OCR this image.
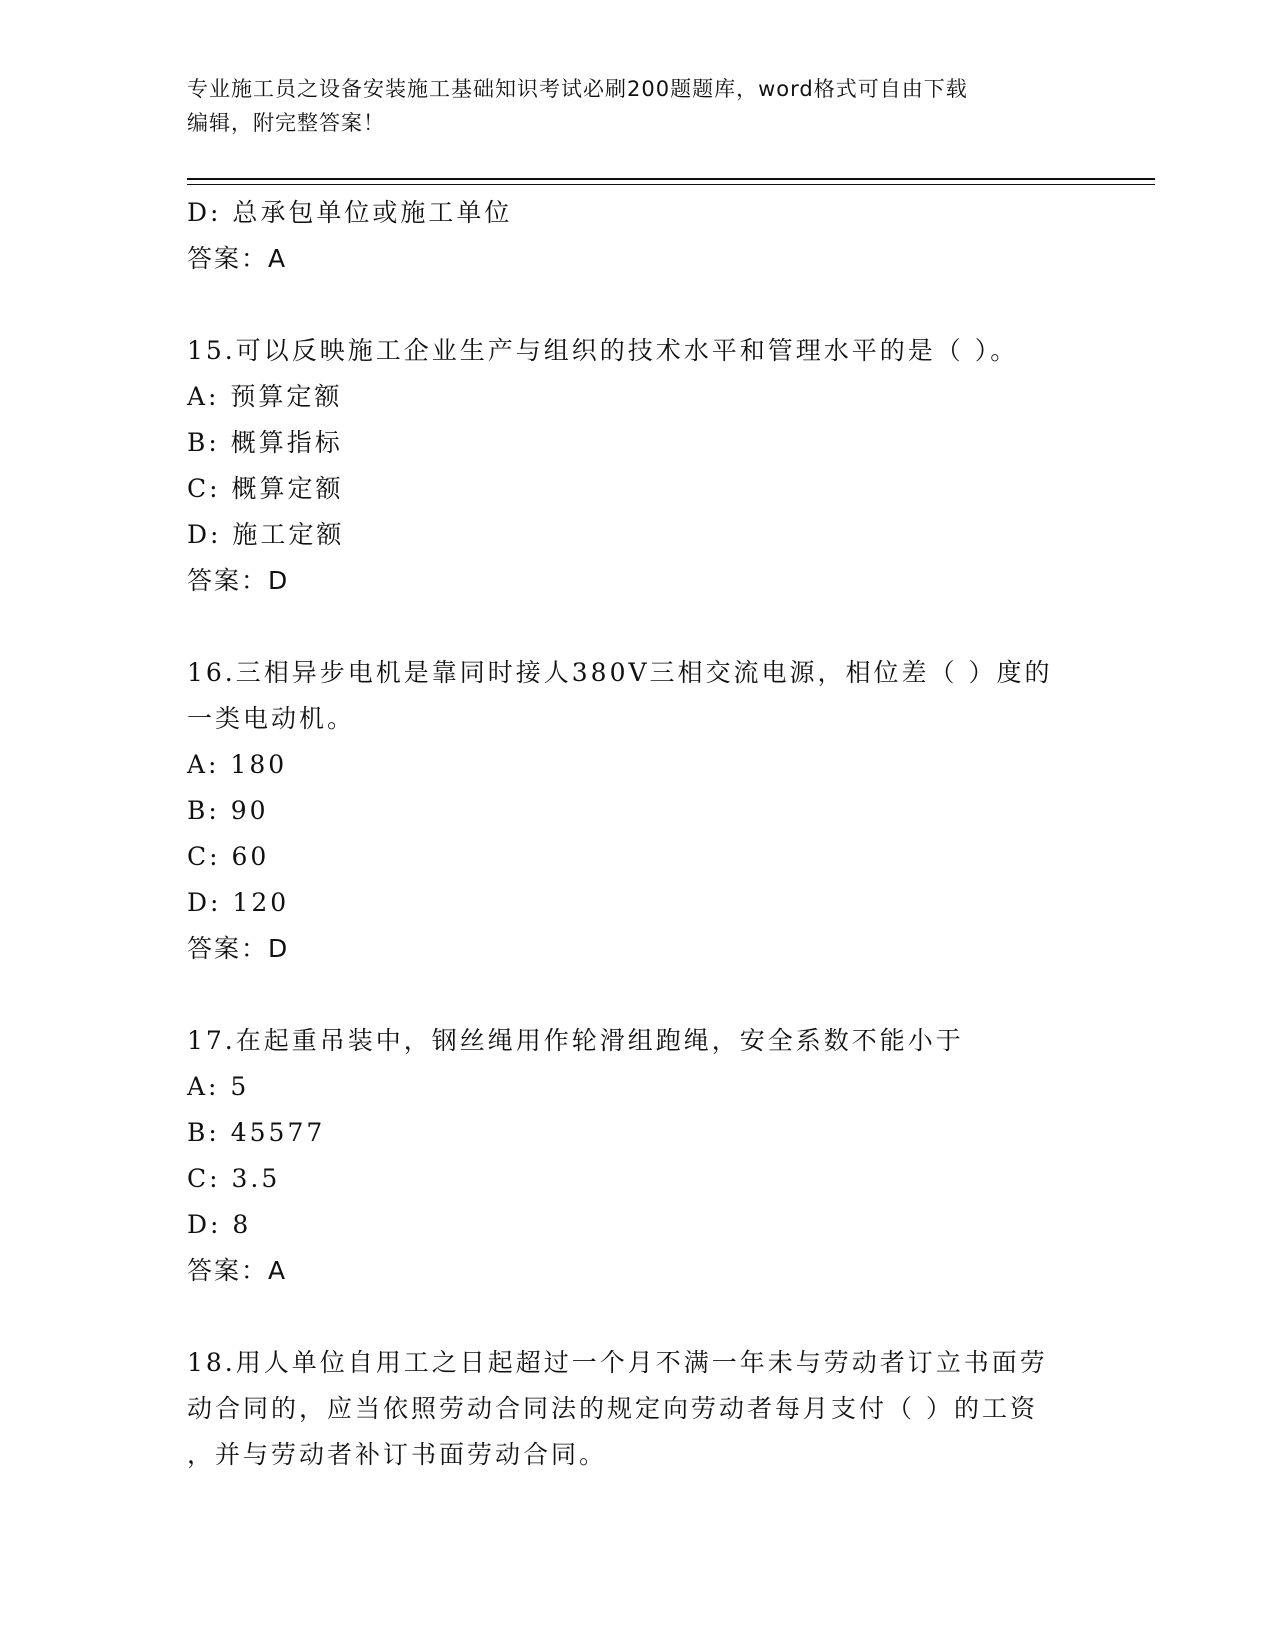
专业施工员之设备安装施工基础知识考试必刷200题题库，word格式可自由下载
编辑，附完整答案！
D: 总承包单位或施工单位
答案：A
15.可以反映施工企业生产与组织的技术水平和管理水平的是（ ）。
A: 预算定额
B: 概算指标
C: 概算定额
D: 施工定额
答案：D
16.三相异步电机是靠同时接人380V三相交流电源，相位差（ ）度的
一类电动机。
A: 180
B: 90
C: 60
D: 120
答案：D
17.在起重吊装中，钢丝绳用作轮滑组跑绳，安全系数不能小于
A: 5
B: 45577
C: 3.5
D: 8
答案：A
18.用人单位自用工之日起超过一个月不满一年未与劳动者订立书面劳
动合同的，应当依照劳动合同法的规定向劳动者每月支付（ ）的工资
，并与劳动者补订书面劳动合同。
